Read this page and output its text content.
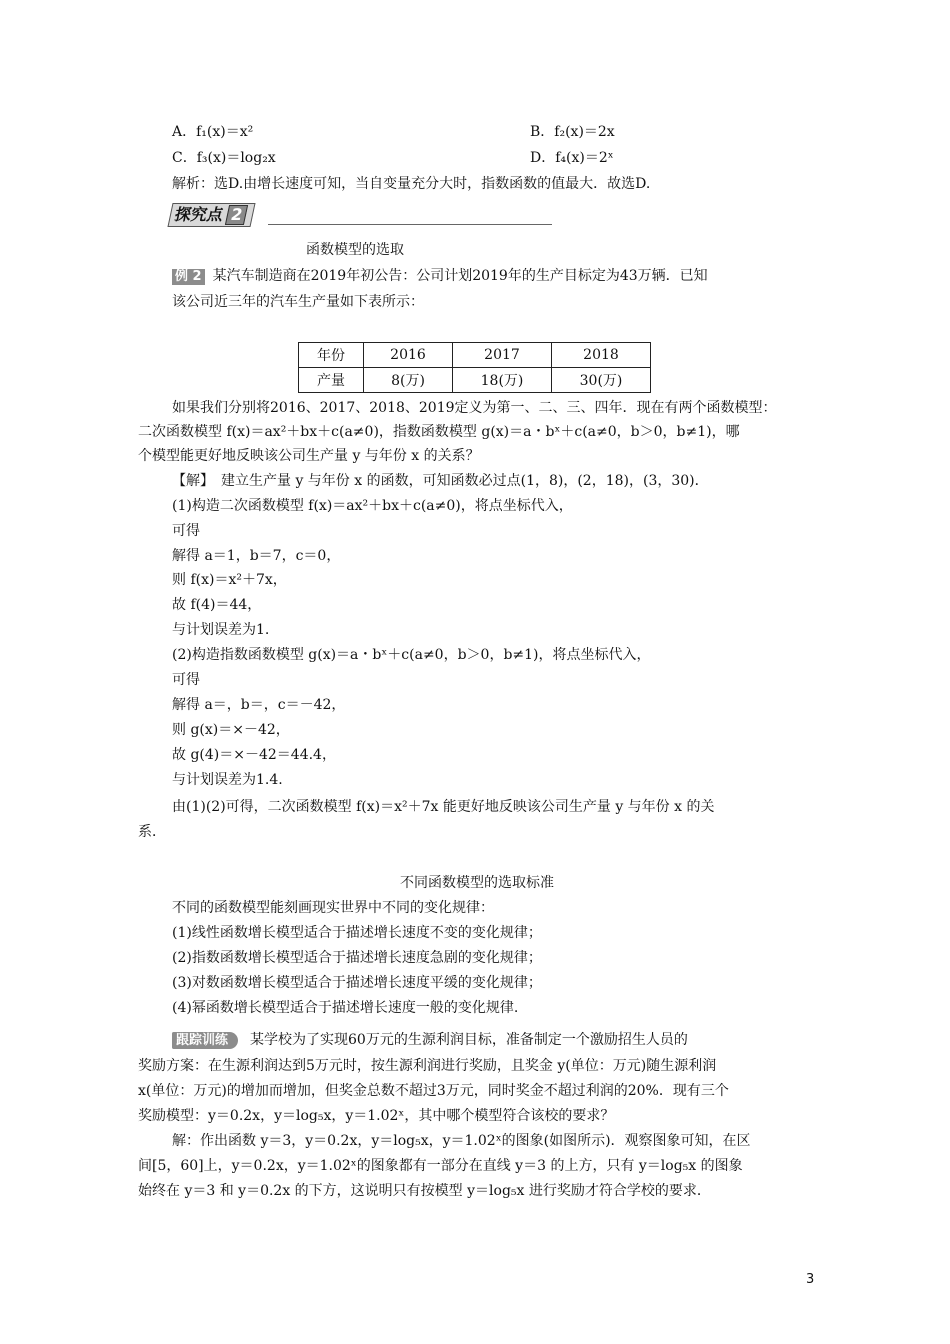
A．f₁(x)＝x²	B．f₂(x)＝2x
C．f₃(x)＝log₂x	D．f₄(x)＝2ˣ
解析：选D.由增长速度可知，当自变量充分大时，指数函数的值最大．故选D.
探究点 2
函数模型的选取
例 2 某汽车制造商在2019年初公告：公司计划2019年的生产目标定为43万辆．已知
该公司近三年的汽车生产量如下表所示：
年份	2016	2017	2018
产量	8(万)	18(万)	30(万)
如果我们分别将2016、2017、2018、2019定义为第一、二、三、四年．现在有两个函数模型：
二次函数模型 f(x)＝ax²＋bx＋c(a≠0)，指数函数模型 g(x)＝a・bˣ＋c(a≠0，b＞0，b≠1)，哪
个模型能更好地反映该公司生产量 y 与年份 x 的关系？
【解】　建立生产量 y 与年份 x 的函数，可知函数必过点(1，8)，(2，18)，(3，30)．
(1)构造二次函数模型 f(x)＝ax²＋bx＋c(a≠0)，将点坐标代入，
可得
解得 a＝1，b＝7，c＝0，
则 f(x)＝x²＋7x，
故 f(4)＝44，
与计划误差为1.
(2)构造指数函数模型 g(x)＝a・bˣ＋c(a≠0，b＞0，b≠1)，将点坐标代入，
可得
解得 a＝，b＝，c＝－42，
则 g(x)＝×－42，
故 g(4)＝×－42＝44.4，
与计划误差为1.4.
由(1)(2)可得，二次函数模型 f(x)＝x²＋7x 能更好地反映该公司生产量 y 与年份 x 的关
系．
不同函数模型的选取标准
不同的函数模型能刻画现实世界中不同的变化规律：
(1)线性函数增长模型适合于描述增长速度不变的变化规律；
(2)指数函数增长模型适合于描述增长速度急剧的变化规律；
(3)对数函数增长模型适合于描述增长速度平缓的变化规律；
(4)幂函数增长模型适合于描述增长速度一般的变化规律.
跟踪训练 某学校为了实现60万元的生源利润目标，准备制定一个激励招生人员的
奖励方案：在生源利润达到5万元时，按生源利润进行奖励，且奖金 y(单位：万元)随生源利润
x(单位：万元)的增加而增加，但奖金总数不超过3万元，同时奖金不超过利润的20%．现有三个
奖励模型：y＝0.2x，y＝log₅x，y＝1.02ˣ，其中哪个模型符合该校的要求？
解：作出函数 y＝3，y＝0.2x，y＝log₅x，y＝1.02ˣ的图象(如图所示)．观察图象可知，在区
间[5，60]上，y＝0.2x，y＝1.02ˣ的图象都有一部分在直线 y＝3 的上方，只有 y＝log₅x 的图象
始终在 y＝3 和 y＝0.2x 的下方，这说明只有按模型 y＝log₅x 进行奖励才符合学校的要求．
3
